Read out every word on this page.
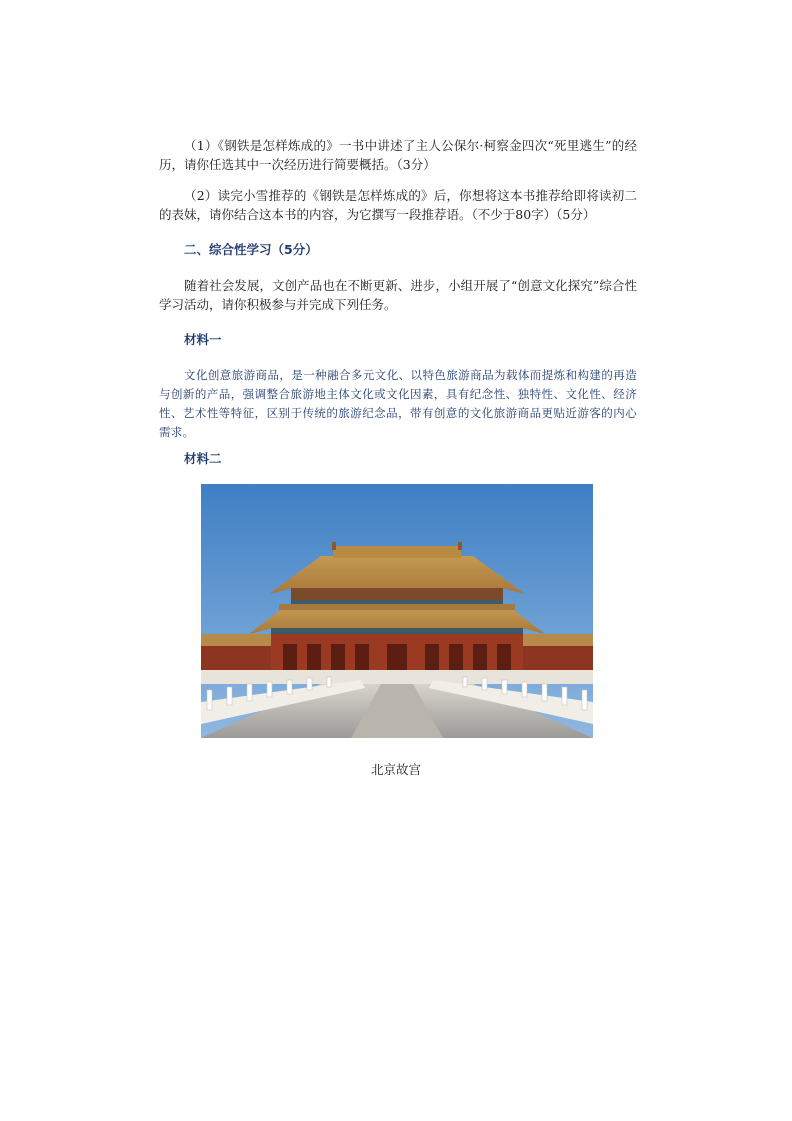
（1）《钢铁是怎样炼成的》一书中讲述了主人公保尔·柯察金四次“死里逃生”的经历，请你任选其中一次经历进行简要概括。（3分）

（2）读完小雪推荐的《钢铁是怎样炼成的》后，你想将这本书推荐给即将读初二的表妹，请你结合这本书的内容，为它撰写一段推荐语。（不少于80字）（5分）

二、综合性学习（5分）

随着社会发展，文创产品也在不断更新、进步，小组开展了“创意文化探究”综合性学习活动，请你积极参与并完成下列任务。

材料一

文化创意旅游商品，是一种融合多元文化、以特色旅游商品为载体而提炼和构建的再造与创新的产品，强调整合旅游地主体文化或文化因素，具有纪念性、独特性、文化性、经济性、艺术性等特征，区别于传统的旅游纪念品，带有创意的文化旅游商品更贴近游客的内心需求。

材料二

北京故宫
